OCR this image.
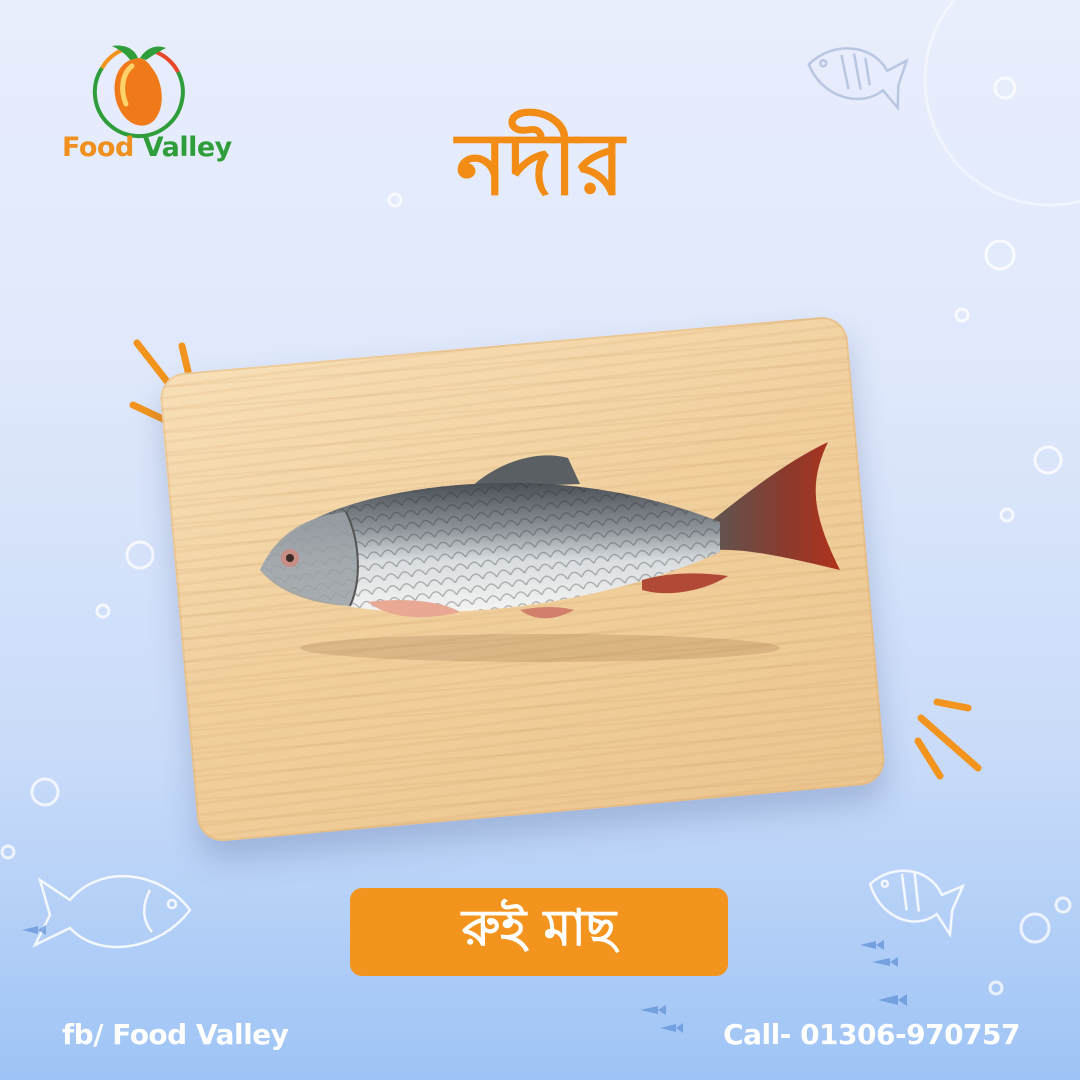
Food Valley	নদীর
রুই মাছ
fb/ Food Valley	Call- 01306-970757
